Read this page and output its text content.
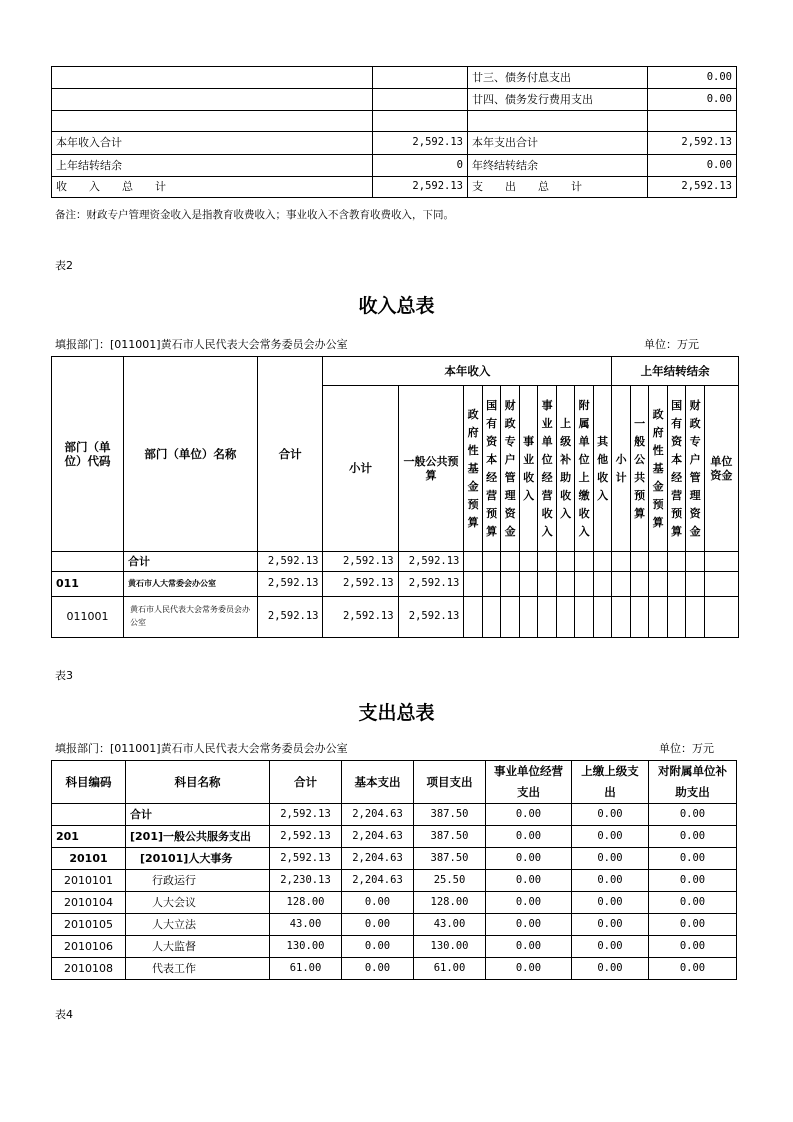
		廿三、债务付息支出	0.00
		廿四、债务发行费用支出	0.00

本年收入合计	2,592.13	本年支出合计	2,592.13
上年结转结余	0	年终结转结余	0.00
收　　入　　总　　计	2,592.13	支　　出　　总　　计	2,592.13
备注：财政专户管理资金收入是指教育收费收入；事业收入不含教育收费收入，下同。
表2
收入总表
填报部门：[011001]黄石市人民代表大会常务委员会办公室	单位：万元
部门（单位）代码	部门（单位）名称	合计	本年收入										上年结转结余					
			小计	一般公共预算	政府性基金预算	国有资本经营预算	财政专户管理资金	事业收入	事业单位经营收入	上级补助收入	附属单位上缴收入	其他收入	小计	一般公共预算	政府性基金预算	国有资本经营预算	财政专户管理资金	单位资金
	合计	2,592.13	2,592.13	2,592.13														
011	黄石市人大常委会办公室	2,592.13	2,592.13	2,592.13														
011001	黄石市人民代表大会常务委员会办公室	2,592.13	2,592.13	2,592.13														
表3
支出总表
填报部门：[011001]黄石市人民代表大会常务委员会办公室	单位：万元
科目编码	科目名称	合计	基本支出	项目支出	事业单位经营支出	上缴上级支出	对附属单位补助支出
	合计	2,592.13	2,204.63	387.50	0.00	0.00	0.00
201	[201]一般公共服务支出	2,592.13	2,204.63	387.50	0.00	0.00	0.00
20101	[20101]人大事务	2,592.13	2,204.63	387.50	0.00	0.00	0.00
2010101	行政运行	2,230.13	2,204.63	25.50	0.00	0.00	0.00
2010104	人大会议	128.00	0.00	128.00	0.00	0.00	0.00
2010105	人大立法	43.00	0.00	43.00	0.00	0.00	0.00
2010106	人大监督	130.00	0.00	130.00	0.00	0.00	0.00
2010108	代表工作	61.00	0.00	61.00	0.00	0.00	0.00
表4
